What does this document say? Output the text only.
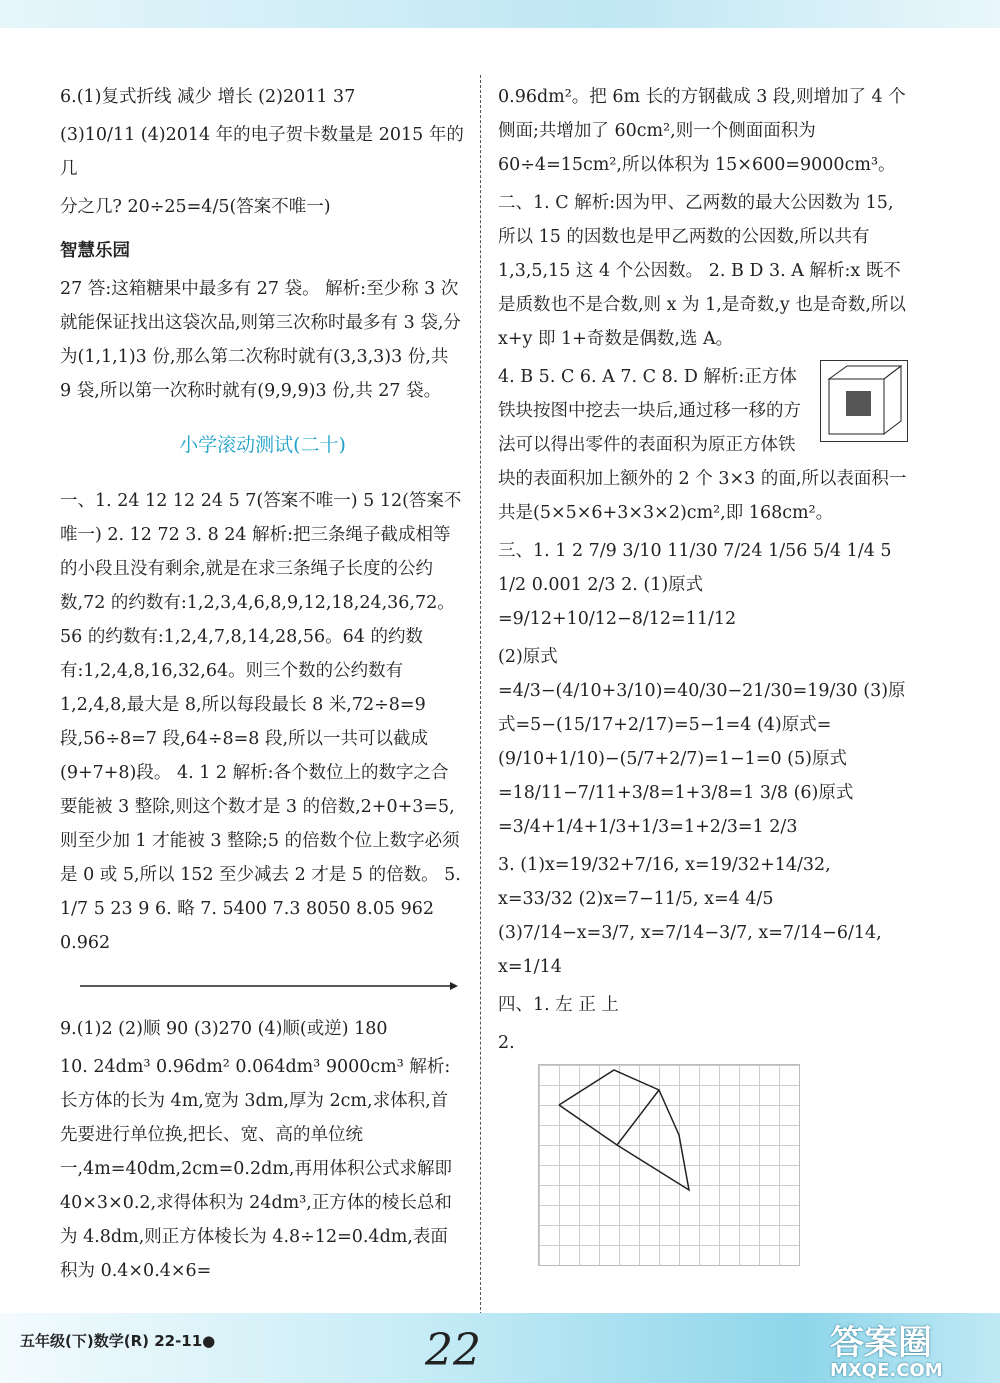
6.(1)复式折线 减少 增长 (2)2011 37

(3)10/11 (4)2014 年的电子贺卡数量是 2015 年的几

分之几? 20÷25=4/5(答案不唯一)

智慧乐园

27 答:这箱糖果中最多有 27 袋。 解析:至少称 3 次就能保证找出这袋次品,则第三次称时最多有 3 袋,分为(1,1,1)3 份,那么第二次称时就有(3,3,3)3 份,共 9 袋,所以第一次称时就有(9,9,9)3 份,共 27 袋。

小学滚动测试(二十)

一、1. 24 12 12 24 5 7(答案不唯一) 5 12(答案不唯一) 2. 12 72 3. 8 24 解析:把三条绳子截成相等的小段且没有剩余,就是在求三条绳子长度的公约数,72 的约数有:1,2,3,4,6,8,9,12,18,24,36,72。56 的约数有:1,2,4,7,8,14,28,56。64 的约数有:1,2,4,8,16,32,64。则三个数的公约数有 1,2,4,8,最大是 8,所以每段最长 8 米,72÷8=9 段,56÷8=7 段,64÷8=8 段,所以一共可以截成(9+7+8)段。 4. 1 2 解析:各个数位上的数字之合要能被 3 整除,则这个数才是 3 的倍数,2+0+3=5,则至少加 1 才能被 3 整除;5 的倍数个位上数字必须是 0 或 5,所以 152 至少减去 2 才是 5 的倍数。 5. 1/7 5 23 9 6. 略 7. 5400 7.3 8050 8.05 962 0.962

9.(1)2 (2)顺 90 (3)270 (4)顺(或逆) 180

10. 24dm³ 0.96dm² 0.064dm³ 9000cm³ 解析:长方体的长为 4m,宽为 3dm,厚为 2cm,求体积,首先要进行单位换,把长、宽、高的单位统一,4m=40dm,2cm=0.2dm,再用体积公式求解即 40×3×0.2,求得体积为 24dm³,正方体的棱长总和为 4.8dm,则正方体棱长为 4.8÷12=0.4dm,表面积为 0.4×0.4×6=

0.96dm²。把 6m 长的方钢截成 3 段,则增加了 4 个侧面;共增加了 60cm²,则一个侧面面积为 60÷4=15cm²,所以体积为 15×600=9000cm³。

二、1. C 解析:因为甲、乙两数的最大公因数为 15,所以 15 的因数也是甲乙两数的公因数,所以共有 1,3,5,15 这 4 个公因数。 2. B D 3. A 解析:x 既不是质数也不是合数,则 x 为 1,是奇数,y 也是奇数,所以 x+y 即 1+奇数是偶数,选 A。

4. B 5. C 6. A 7. C 8. D 解析:正方体铁块按图中挖去一块后,通过移一移的方法可以得出零件的表面积为原正方体铁块的表面积加上额外的 2 个 3×3 的面,所以表面积一共是(5×5×6+3×3×2)cm²,即 168cm²。

三、1. 1 2 7/9 3/10 11/30 7/24 1/56 5/4 1/4 5 1/2 0.001 2/3 2. (1)原式=9/12+10/12−8/12=11/12

(2)原式=4/3−(4/10+3/10)=40/30−21/30=19/30 (3)原式=5−(15/17+2/17)=5−1=4 (4)原式=(9/10+1/10)−(5/7+2/7)=1−1=0 (5)原式=18/11−7/11+3/8=1+3/8=1 3/8 (6)原式=3/4+1/4+1/3+1/3=1+2/3=1 2/3

3. (1)x=19/32+7/16, x=19/32+14/32, x=33/32 (2)x=7−11/5, x=4 4/5 (3)7/14−x=3/7, x=7/14−3/7, x=7/14−6/14, x=1/14

四、1. 左 正 上

2.

五年级(下)数学(R) 22-11●	22	答案圈
MXQE.COM
